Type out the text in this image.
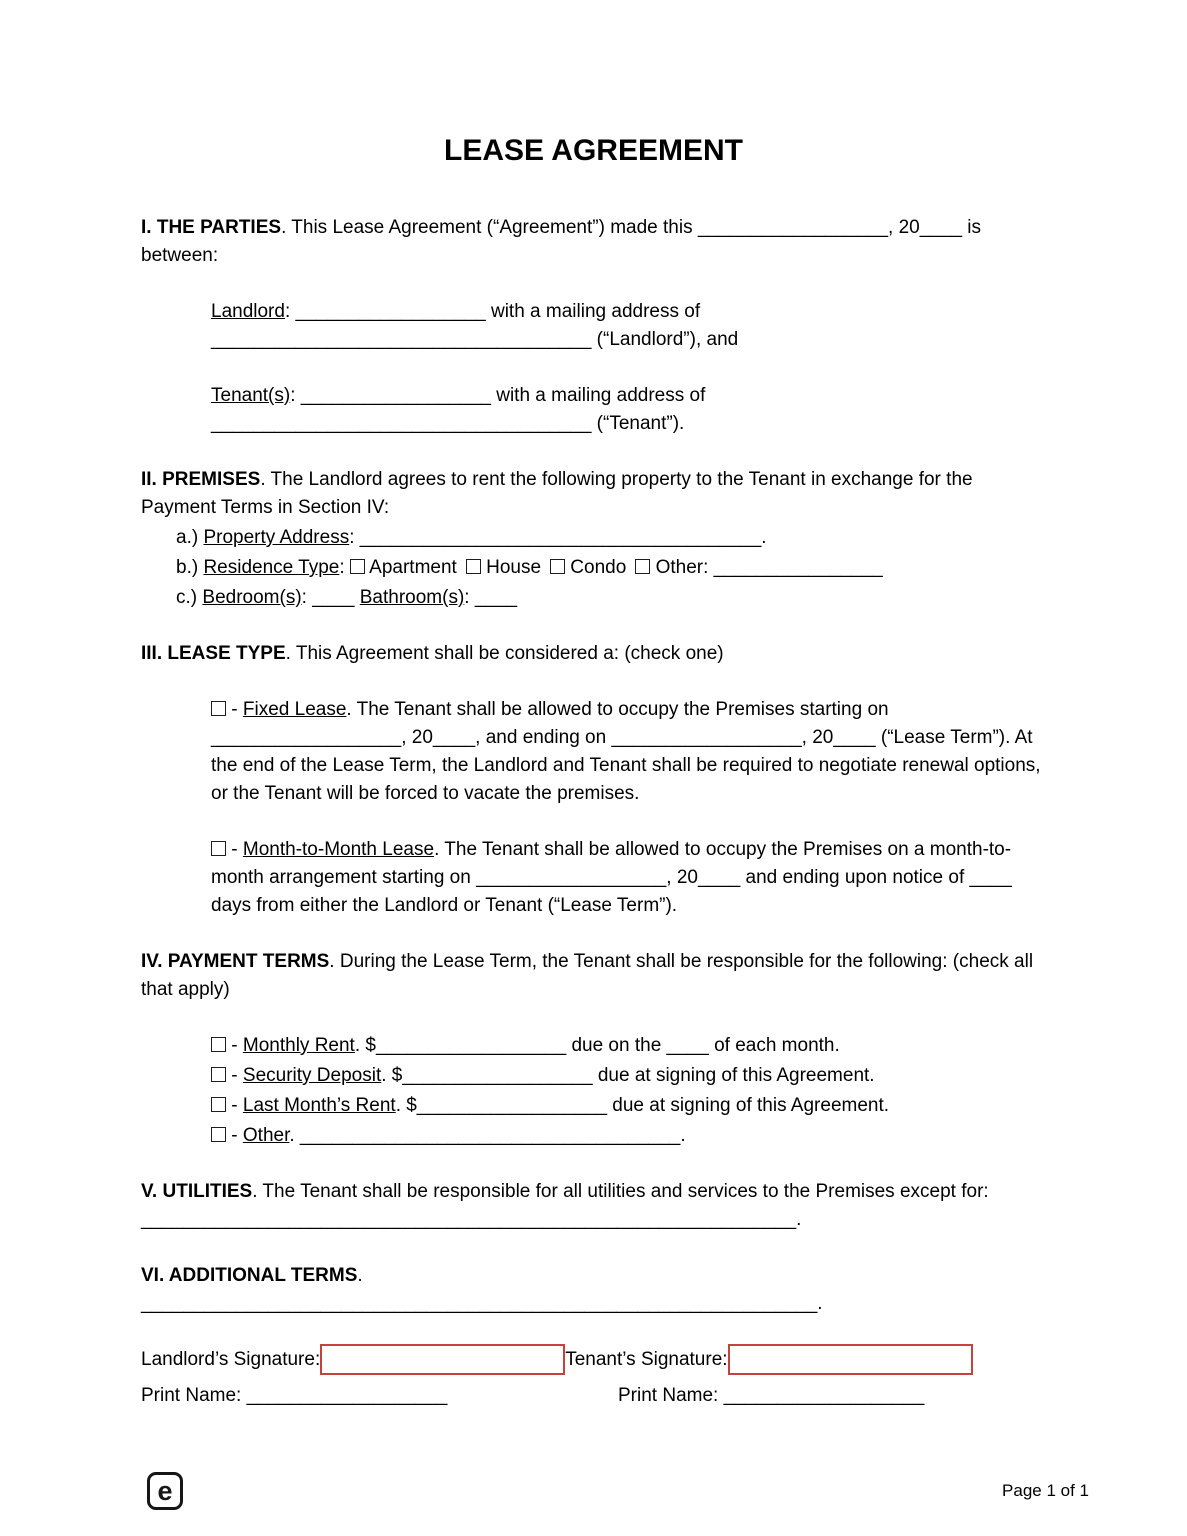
LEASE AGREEMENT

I. THE PARTIES. This Lease Agreement (“Agreement”) made this __________________, 20____ is between:

Landlord: __________________ with a mailing address of ____________________________________ (“Landlord”), and

Tenant(s): __________________ with a mailing address of ____________________________________ (“Tenant”).

II. PREMISES. The Landlord agrees to rent the following property to the Tenant in exchange for the Payment Terms in Section IV:

a.) Property Address: ______________________________________.

b.) Residence Type:  Apartment House Condo Other: ________________

c.) Bedroom(s): ____ Bathroom(s): ____

III. LEASE TYPE. This Agreement shall be considered a: (check one)

- Fixed Lease. The Tenant shall be allowed to occupy the Premises starting on __________________, 20____, and ending on __________________, 20____ (“Lease Term”). At the end of the Lease Term, the Landlord and Tenant shall be required to negotiate renewal options, or the Tenant will be forced to vacate the premises.

- Month-to-Month Lease. The Tenant shall be allowed to occupy the Premises on a month-to-month arrangement starting on __________________, 20____ and ending upon notice of ____ days from either the Landlord or Tenant (“Lease Term”).

IV. PAYMENT TERMS. During the Lease Term, the Tenant shall be responsible for the following: (check all that apply)

- Monthly Rent. $__________________ due on the ____ of each month.

- Security Deposit. $__________________ due at signing of this Agreement.

- Last Month’s Rent. $__________________ due at signing of this Agreement.

- Other. ____________________________________.

V. UTILITIES. The Tenant shall be responsible for all utilities and services to the Premises except for: ______________________________________________________________.

VI. ADDITIONAL TERMS. ________________________________________________________________.

Landlord’s Signature:	Tenant’s Signature:
Print Name: ___________________	Print Name: ___________________
e	Page 1 of 1
